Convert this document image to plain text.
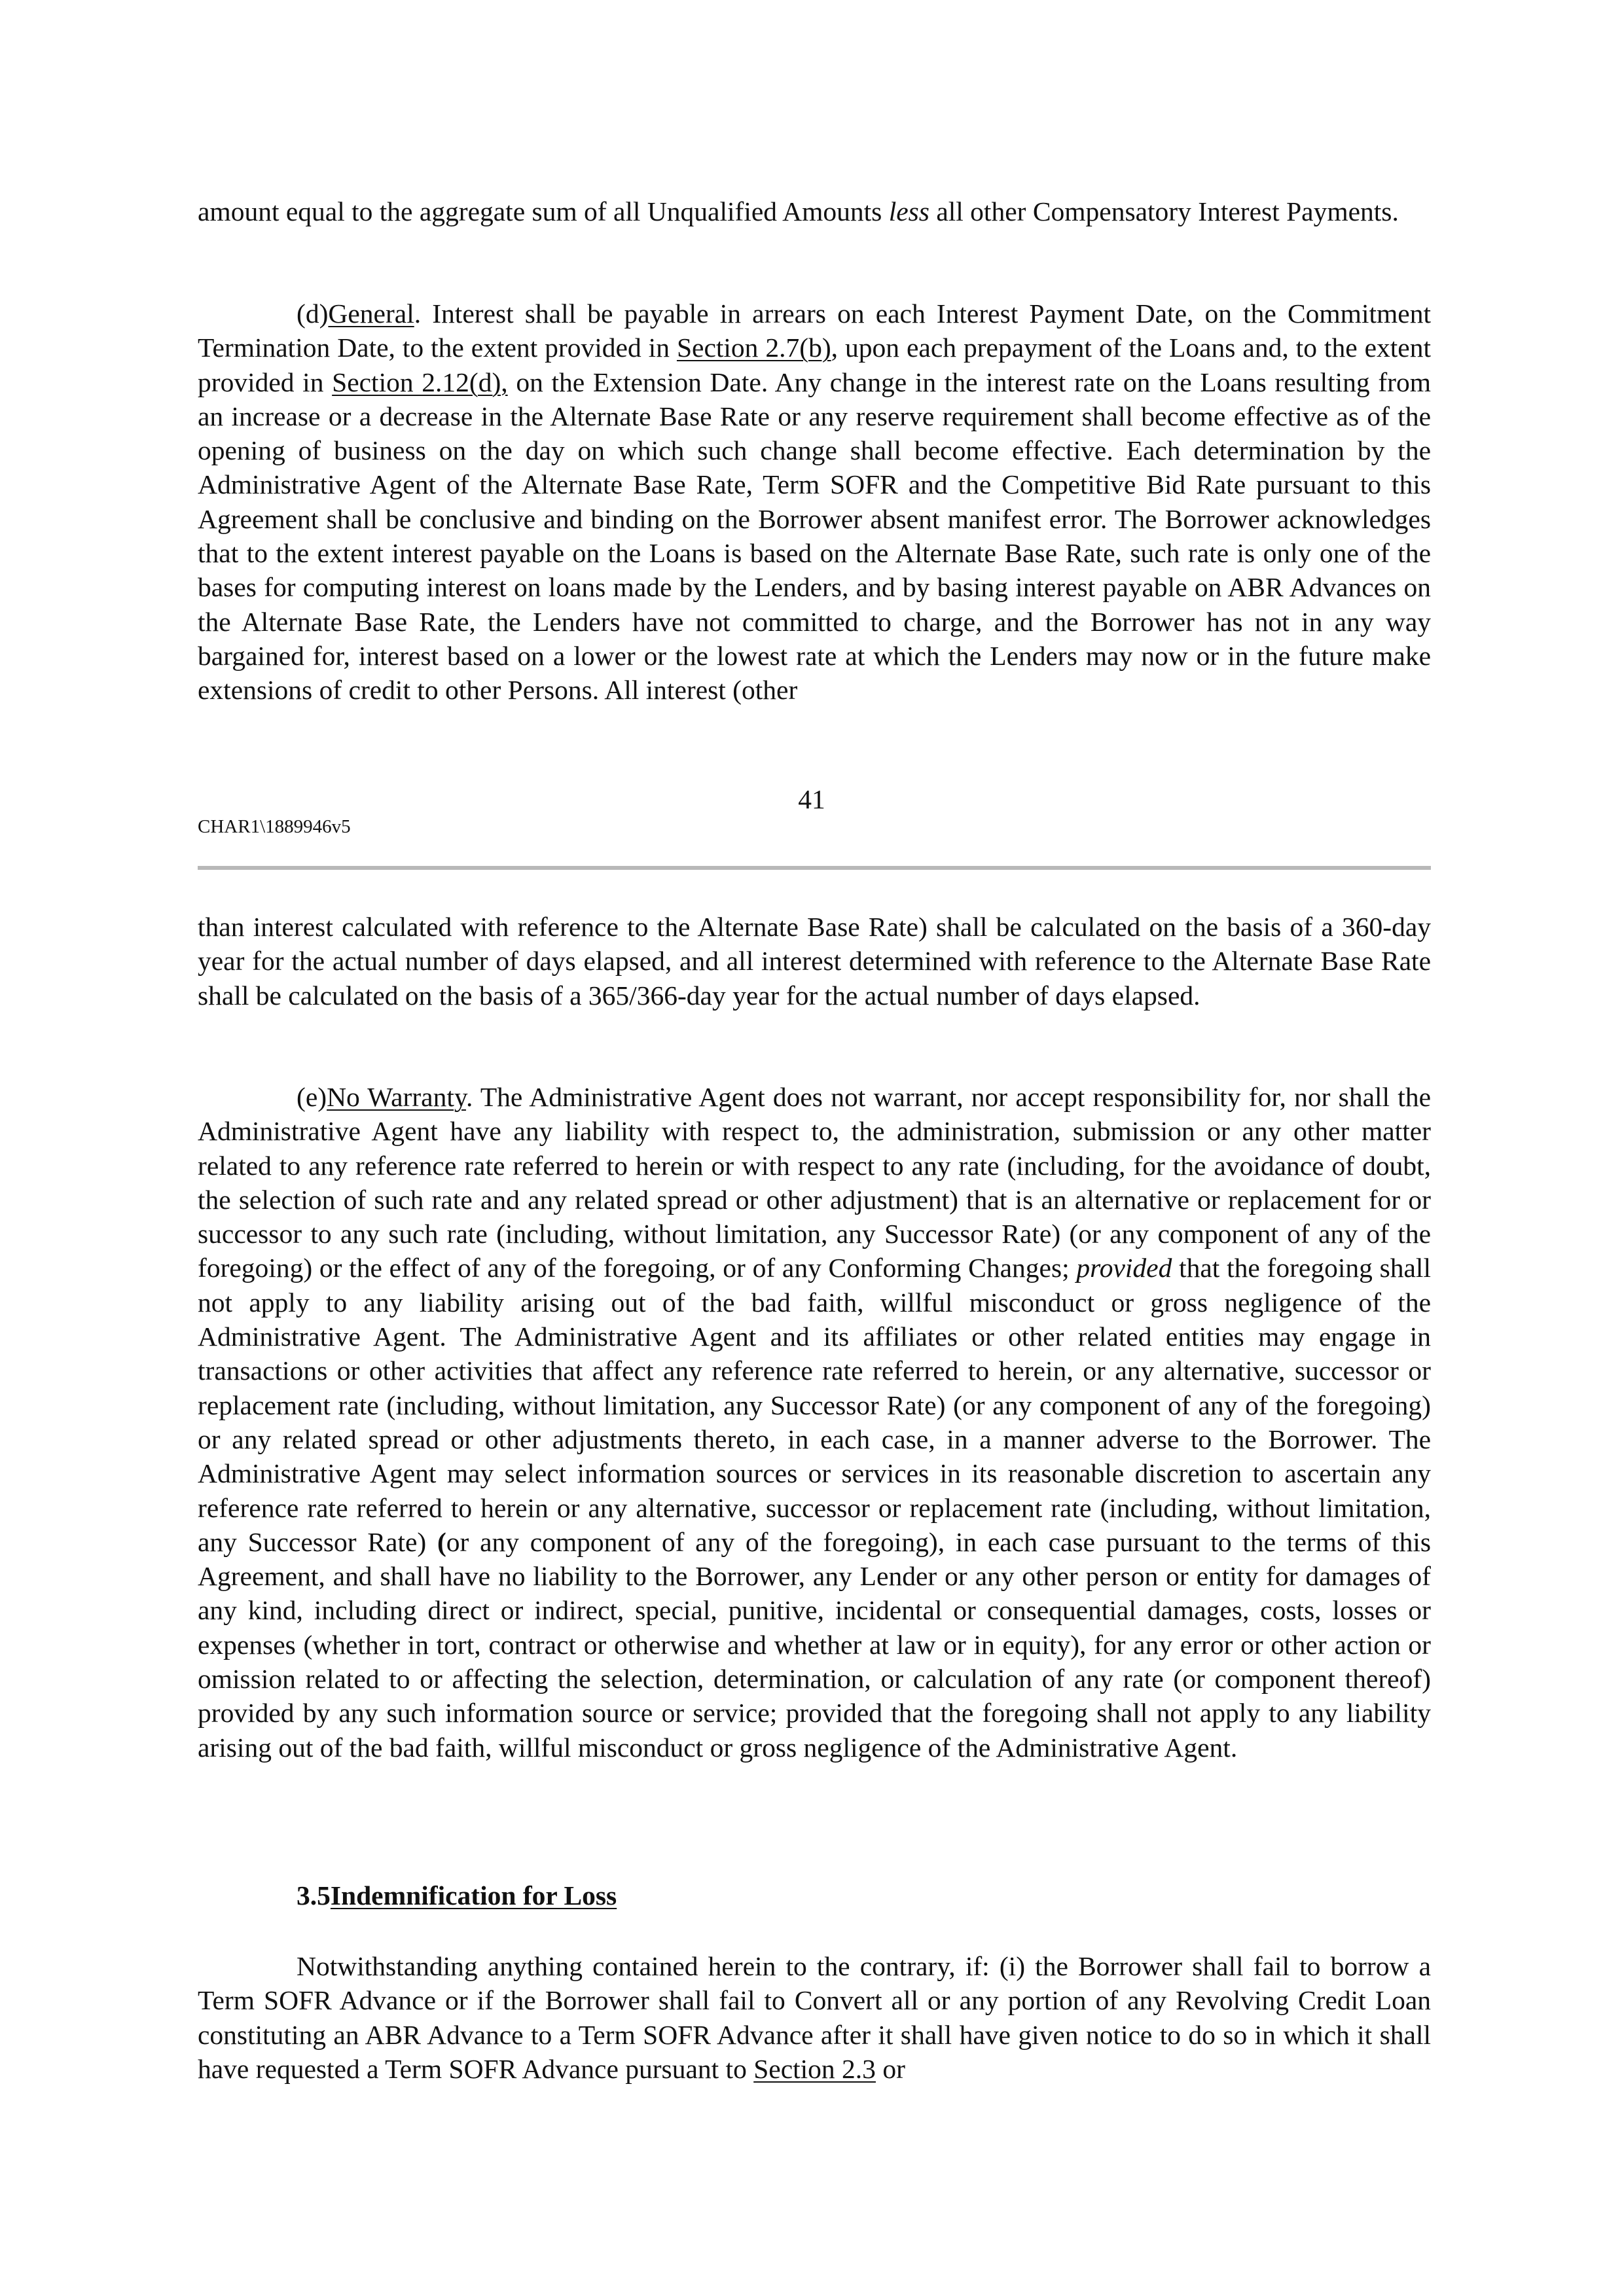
amount equal to the aggregate sum of all Unqualified Amounts less all other Compensatory Interest Payments.

(d)General. Interest shall be payable in arrears on each Interest Payment Date, on the Commitment Termination Date, to the extent provided in Section 2.7(b), upon each prepayment of the Loans and, to the extent provided in Section 2.12(d), on the Extension Date. Any change in the interest rate on the Loans resulting from an increase or a decrease in the Alternate Base Rate or any reserve requirement shall become effective as of the opening of business on the day on which such change shall become effective. Each determination by the Administrative Agent of the Alternate Base Rate, Term SOFR and the Competitive Bid Rate pursuant to this Agreement shall be conclusive and binding on the Borrower absent manifest error. The Borrower acknowledges that to the extent interest payable on the Loans is based on the Alternate Base Rate, such rate is only one of the bases for computing interest on loans made by the Lenders, and by basing interest payable on ABR Advances on the Alternate Base Rate, the Lenders have not committed to charge, and the Borrower has not in any way bargained for, interest based on a lower or the lowest rate at which the Lenders may now or in the future make extensions of credit to other Persons. All interest (other

41
CHAR1\1889946v5

than interest calculated with reference to the Alternate Base Rate) shall be calculated on the basis of a 360-day year for the actual number of days elapsed, and all interest determined with reference to the Alternate Base Rate shall be calculated on the basis of a 365/366-day year for the actual number of days elapsed.

(e)No Warranty. The Administrative Agent does not warrant, nor accept responsibility for, nor shall the Administrative Agent have any liability with respect to, the administration, submission or any other matter related to any reference rate referred to herein or with respect to any rate (including, for the avoidance of doubt, the selection of such rate and any related spread or other adjustment) that is an alternative or replacement for or successor to any such rate (including, without limitation, any Successor Rate) (or any component of any of the foregoing) or the effect of any of the foregoing, or of any Conforming Changes; provided that the foregoing shall not apply to any liability arising out of the bad faith, willful misconduct or gross negligence of the Administrative Agent. The Administrative Agent and its affiliates or other related entities may engage in transactions or other activities that affect any reference rate referred to herein, or any alternative, successor or replacement rate (including, without limitation, any Successor Rate) (or any component of any of the foregoing) or any related spread or other adjustments thereto, in each case, in a manner adverse to the Borrower. The Administrative Agent may select information sources or services in its reasonable discretion to ascertain any reference rate referred to herein or any alternative, successor or replacement rate (including, without limitation, any Successor Rate) (or any component of any of the foregoing), in each case pursuant to the terms of this Agreement, and shall have no liability to the Borrower, any Lender or any other person or entity for damages of any kind, including direct or indirect, special, punitive, incidental or consequential damages, costs, losses or expenses (whether in tort, contract or otherwise and whether at law or in equity), for any error or other action or omission related to or affecting the selection, determination, or calculation of any rate (or component thereof) provided by any such information source or service; provided that the foregoing shall not apply to any liability arising out of the bad faith, willful misconduct or gross negligence of the Administrative Agent.

3.5Indemnification for Loss

Notwithstanding anything contained herein to the contrary, if: (i) the Borrower shall fail to borrow a Term SOFR Advance or if the Borrower shall fail to Convert all or any portion of any Revolving Credit Loan constituting an ABR Advance to a Term SOFR Advance after it shall have given notice to do so in which it shall have requested a Term SOFR Advance pursuant to Section 2.3 or
